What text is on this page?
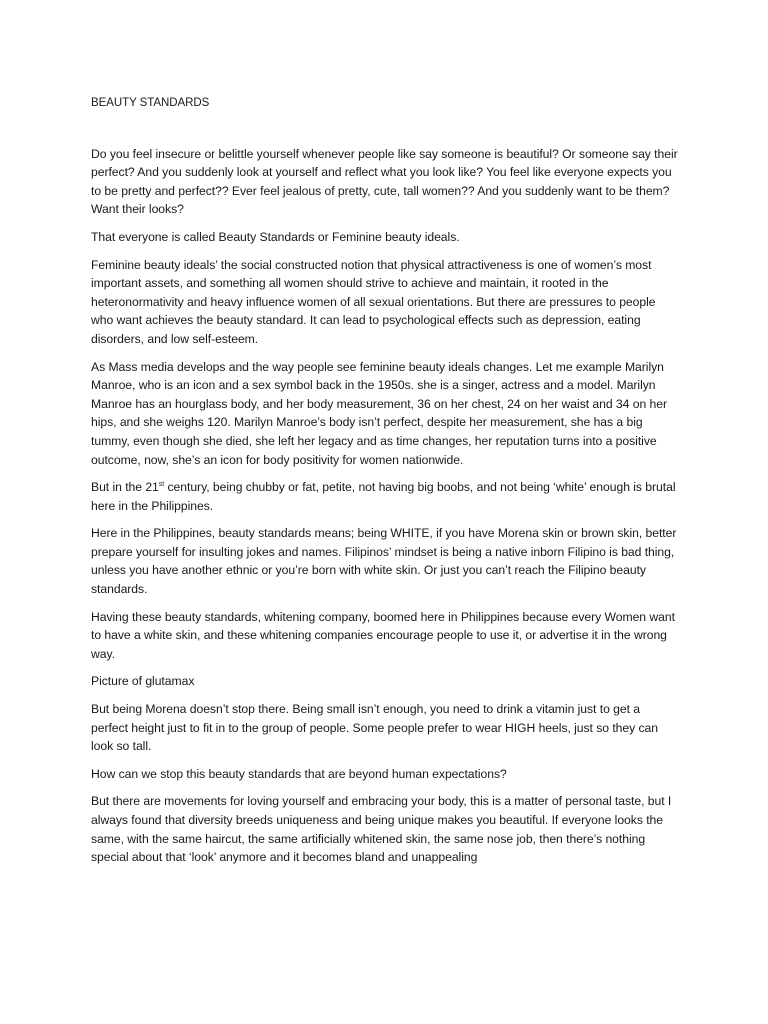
BEAUTY STANDARDS

Do you feel insecure or belittle yourself whenever people like say someone is beautiful? Or someone say their perfect? And you suddenly look at yourself and reflect what you look like? You feel like everyone expects you to be pretty and perfect?? Ever feel jealous of pretty, cute, tall women?? And you suddenly want to be them? Want their looks?

That everyone is called Beauty Standards or Feminine beauty ideals.

Feminine beauty ideals’ the social constructed notion that physical attractiveness is one of women’s most important assets, and something all women should strive to achieve and maintain, it rooted in the heteronormativity and heavy influence women of all sexual orientations. But there are pressures to people who want achieves the beauty standard. It can lead to psychological effects such as depression, eating disorders, and low self-esteem.

As Mass media develops and the way people see feminine beauty ideals changes. Let me example Marilyn Manroe, who is an icon and a sex symbol back in the 1950s. she is a singer, actress and a model. Marilyn Manroe has an hourglass body, and her body measurement, 36 on her chest, 24 on her waist and 34 on her hips, and she weighs 120. Marilyn Manroe’s body isn’t perfect, despite her measurement, she has a big tummy, even though she died, she left her legacy and as time changes, her reputation turns into a positive outcome, now, she’s an icon for body positivity for women nationwide.

But in the 21st century, being chubby or fat, petite, not having big boobs, and not being ‘white’ enough is brutal here in the Philippines.

Here in the Philippines, beauty standards means; being WHITE, if you have Morena skin or brown skin, better prepare yourself for insulting jokes and names. Filipinos’ mindset is being a native inborn Filipino is bad thing, unless you have another ethnic or you’re born with white skin. Or just you can’t reach the Filipino beauty standards.

Having these beauty standards, whitening company, boomed here in Philippines because every Women want to have a white skin, and these whitening companies encourage people to use it, or advertise it in the wrong way.

Picture of glutamax

But being Morena doesn’t stop there. Being small isn’t enough, you need to drink a vitamin just to get a perfect height just to fit in to the group of people. Some people prefer to wear HIGH heels, just so they can look so tall.

How can we stop this beauty standards that are beyond human expectations?

But there are movements for loving yourself and embracing your body, this is a matter of personal taste, but I always found that diversity breeds uniqueness and being unique makes you beautiful. If everyone looks the same, with the same haircut, the same artificially whitened skin, the same nose job, then there’s nothing special about that ‘look’ anymore and it becomes bland and unappealing
